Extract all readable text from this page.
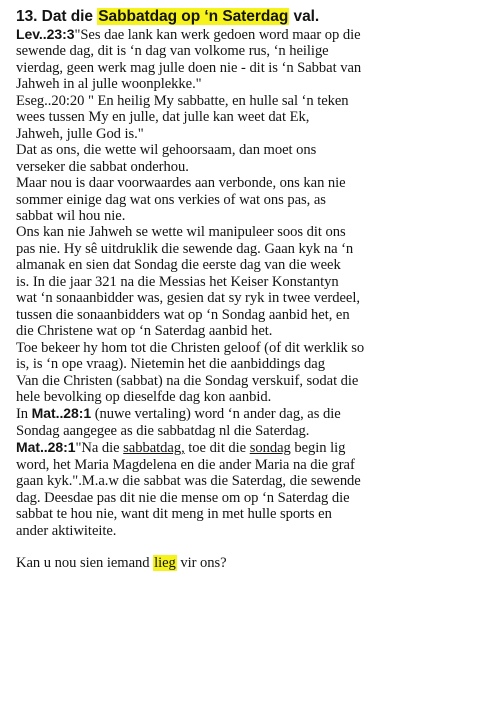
13. Dat die Sabbatdag op ‘n Saterdag val.
Lev..23:3"Ses dae lank kan werk gedoen word maar op die
sewende dag, dit is ‘n dag van volkome rus, ‘n heilige
vierdag, geen werk mag julle doen nie - dit is ‘n Sabbat van
Jahweh in al julle woonplekke."
Eseg..20:20 " En heilig My sabbatte, en hulle sal ‘n teken
wees tussen My en julle, dat julle kan weet dat Ek,
Jahweh, julle God is."
Dat as ons, die wette wil gehoorsaam, dan moet ons
verseker die sabbat onderhou.
Maar nou is daar voorwaardes aan verbonde, ons kan nie
sommer einige dag wat ons verkies of wat ons pas, as
sabbat wil hou nie.
Ons kan nie Jahweh se wette wil manipuleer soos dit ons
pas nie. Hy sê uitdruklik die sewende dag. Gaan kyk na ‘n
almanak en sien dat Sondag die eerste dag van die week
is. In die jaar 321 na die Messias het Keiser Konstantyn
wat ‘n sonaanbidder was, gesien dat sy ryk in twee verdeel,
tussen die sonaanbidders wat op ‘n Sondag aanbid het, en
die Christene wat op ‘n Saterdag aanbid het.
Toe bekeer hy hom tot die Christen geloof (of dit werklik so
is, is ‘n ope vraag). Nietemin het die aanbiddings dag
Van die Christen (sabbat) na die Sondag verskuif, sodat die
hele bevolking op dieselfde dag kon aanbid.
In Mat..28:1 (nuwe vertaling) word ‘n ander dag, as die
Sondag aangegee as die sabbatdag nl die Saterdag.
Mat..28:1"Na die sabbatdag, toe dit die sondag begin lig
word, het Maria Magdelena en die ander Maria na die graf
gaan kyk.".M.a.w die sabbat was die Saterdag, die sewende
dag. Deesdae pas dit nie die mense om op ‘n Saterdag die
sabbat te hou nie, want dit meng in met hulle sports en
ander aktiwiteite.
Kan u nou sien iemand lieg vir ons?
